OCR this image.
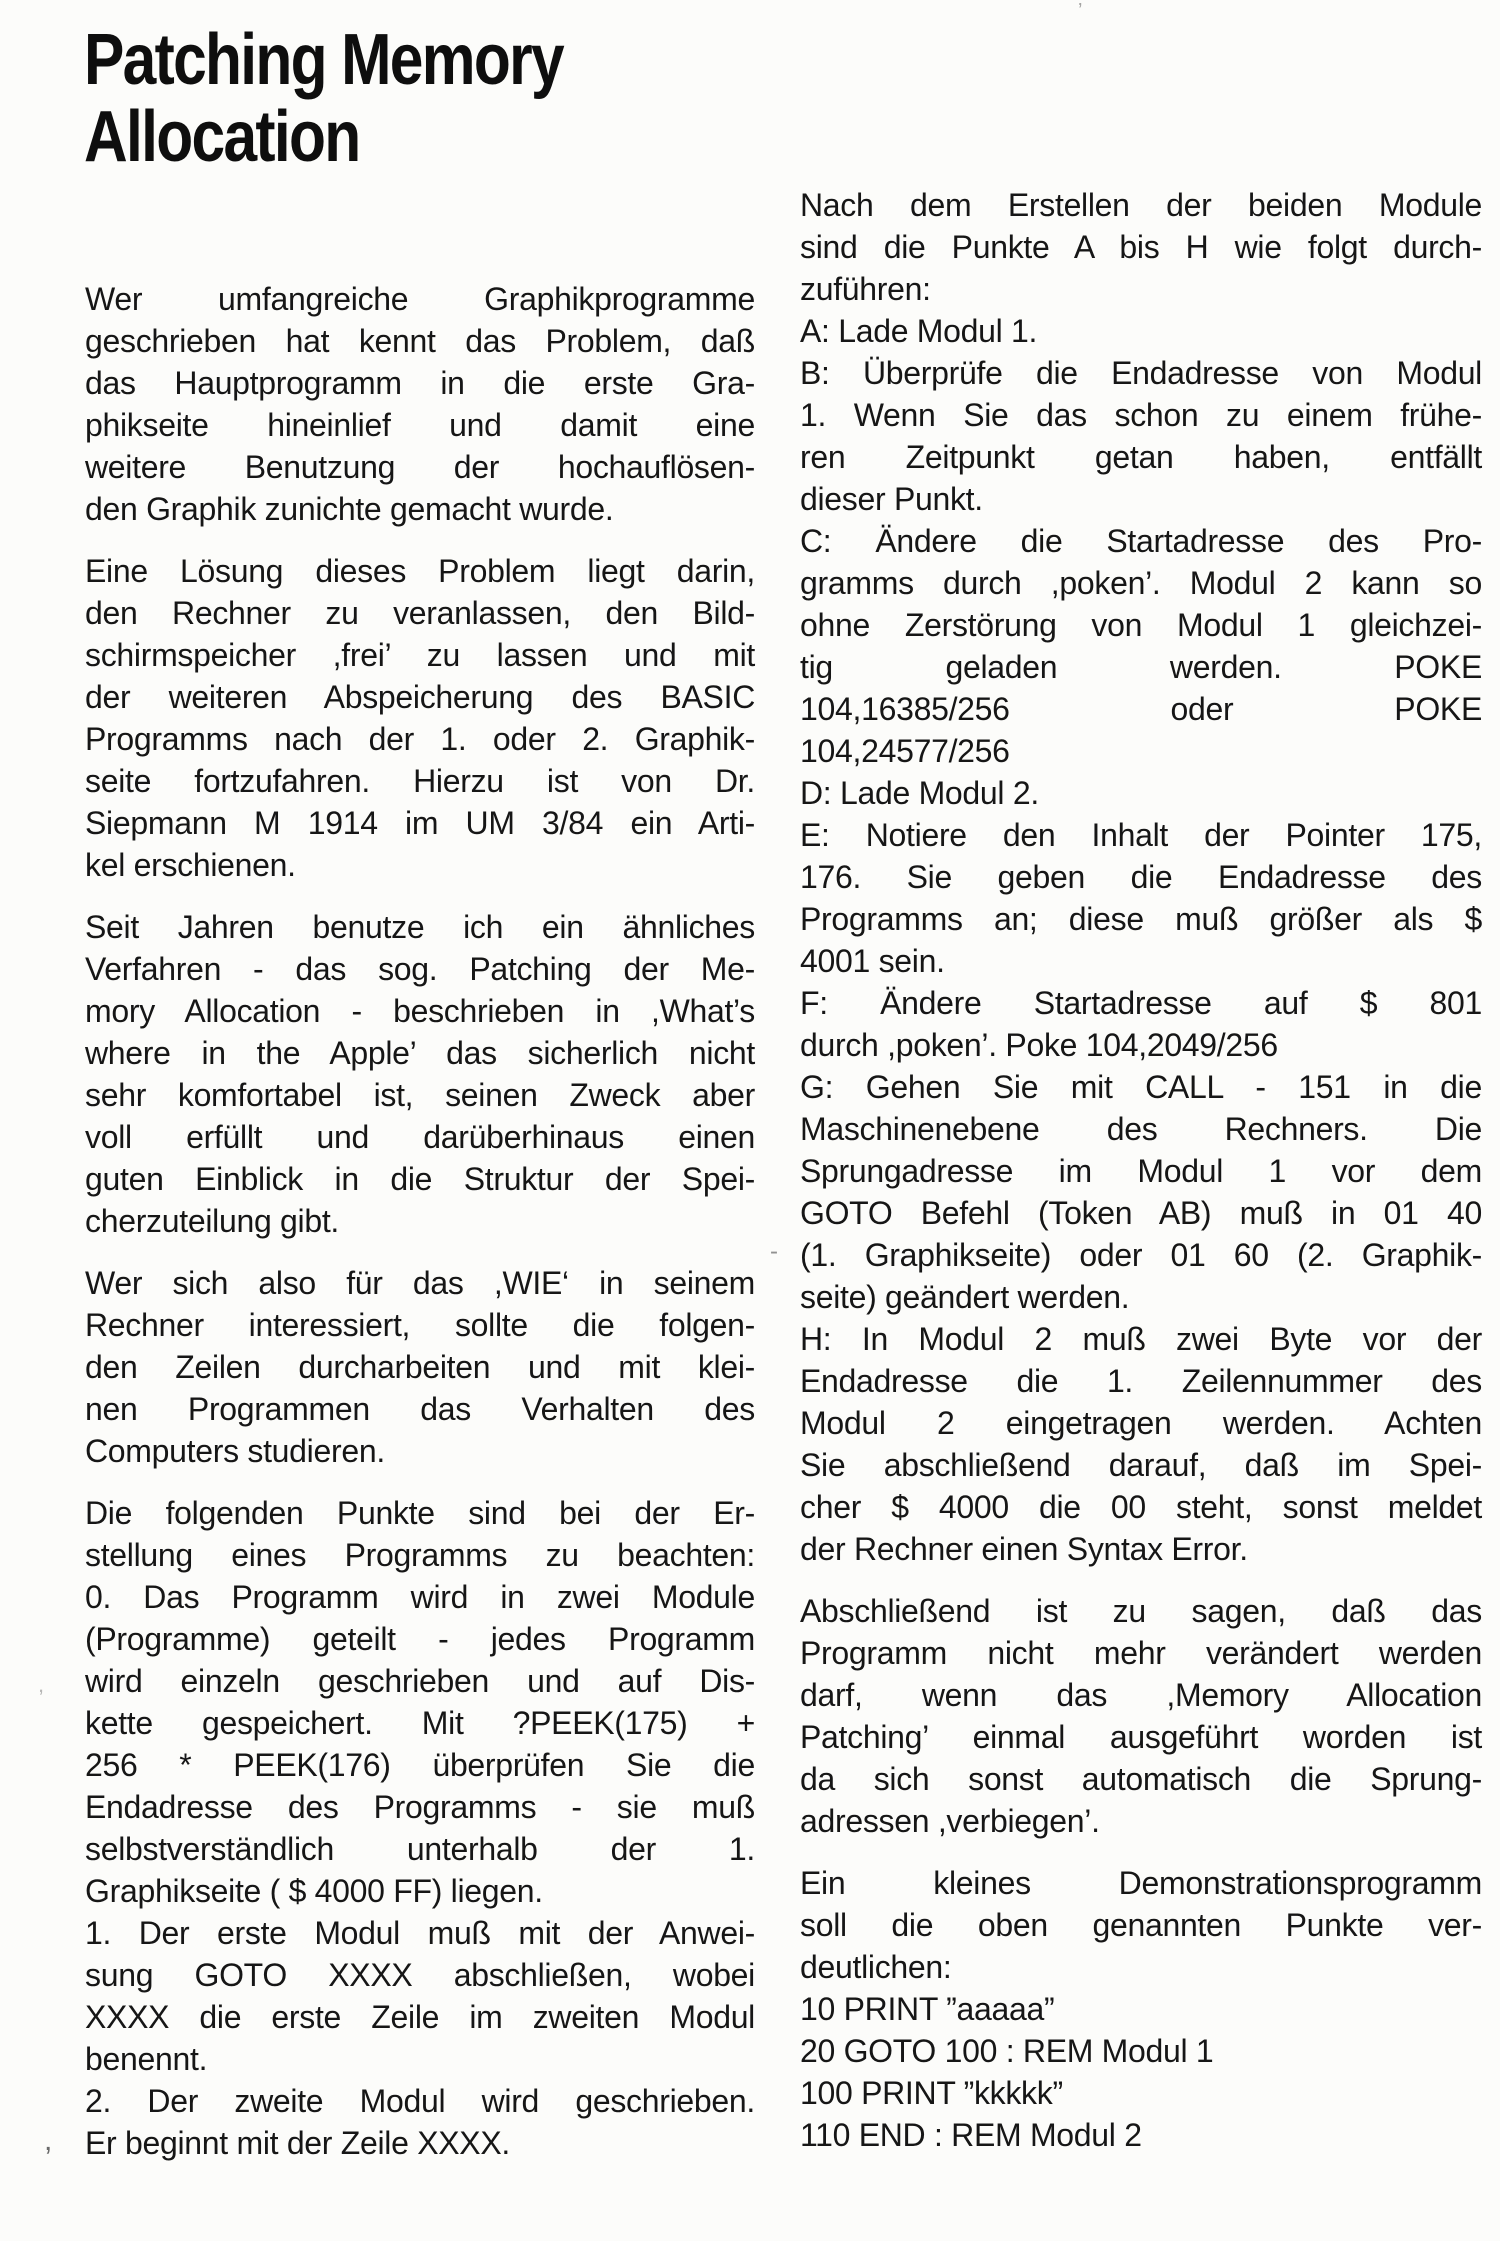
Patching Memory
Allocation
Wer umfangreiche Graphikprogramme
geschrieben hat kennt das Problem, daß
das Hauptprogramm in die erste Gra-
phikseite hineinlief und damit eine
weitere Benutzung der hochauflösen-
den Graphik zunichte gemacht wurde.
Eine Lösung dieses Problem liegt darin,
den Rechner zu veranlassen, den Bild-
schirmspeicher ,frei’ zu lassen und mit
der weiteren Abspeicherung des BASIC
Programms nach der 1. oder 2. Graphik-
seite fortzufahren. Hierzu ist von Dr.
Siepmann M 1914 im UM 3/84 ein Arti-
kel erschienen.
Seit Jahren benutze ich ein ähnliches
Verfahren - das sog. Patching der Me-
mory Allocation - beschrieben in ,What’s
where in the Apple’ das sicherlich nicht
sehr komfortabel ist, seinen Zweck aber
voll erfüllt und darüberhinaus einen
guten Einblick in die Struktur der Spei-
cherzuteilung gibt.
Wer sich also für das ,WIE‘ in seinem
Rechner interessiert, sollte die folgen-
den Zeilen durcharbeiten und mit klei-
nen Programmen das Verhalten des
Computers studieren.
Die folgenden Punkte sind bei der Er-
stellung eines Programms zu beachten:
0. Das Programm wird in zwei Module
(Programme) geteilt - jedes Programm
wird einzeln geschrieben und auf Dis-
kette gespeichert. Mit ?PEEK(175) +
256 * PEEK(176) überprüfen Sie die
Endadresse des Programms - sie muß
selbstverständlich unterhalb der 1.
Graphikseite ( $ 4000 FF) liegen.
1. Der erste Modul muß mit der Anwei-
sung GOTO XXXX abschließen, wobei
XXXX die erste Zeile im zweiten Modul
benennt.
2. Der zweite Modul wird geschrieben.
Er beginnt mit der Zeile XXXX.
Nach dem Erstellen der beiden Module
sind die Punkte A bis H wie folgt durch-
zuführen:
A: Lade Modul 1.
B: Überprüfe die Endadresse von Modul
1. Wenn Sie das schon zu einem frühe-
ren Zeitpunkt getan haben, entfällt
dieser Punkt.
C: Ändere die Startadresse des Pro-
gramms durch ,poken’. Modul 2 kann so
ohne Zerstörung von Modul 1 gleichzei-
tig geladen werden. POKE
104,16385/256 oder POKE
104,24577/256
D: Lade Modul 2.
E: Notiere den Inhalt der Pointer 175,
176. Sie geben die Endadresse des
Programms an; diese muß größer als $
4001 sein.
F: Ändere Startadresse auf $ 801
durch ,poken’. Poke 104,2049/256
G: Gehen Sie mit CALL - 151 in die
Maschinenebene des Rechners. Die
Sprungadresse im Modul 1 vor dem
GOTO Befehl (Token AB) muß in 01 40
(1. Graphikseite) oder 01 60 (2. Graphik-
seite) geändert werden.
H: In Modul 2 muß zwei Byte vor der
Endadresse die 1. Zeilennummer des
Modul 2 eingetragen werden. Achten
Sie abschließend darauf, daß im Spei-
cher $ 4000 die 00 steht, sonst meldet
der Rechner einen Syntax Error.
Abschließend ist zu sagen, daß das
Programm nicht mehr verändert werden
darf, wenn das ,Memory Allocation
Patching’ einmal ausgeführt worden ist
da sich sonst automatisch die Sprung-
adressen ,verbiegen’.
Ein kleines Demonstrationsprogramm
soll die oben genannten Punkte ver-
deutlichen:
10 PRINT ”aaaaa”
20 GOTO 100 : REM Modul 1
100 PRINT ”kkkkk”
110 END : REM Modul 2
’
,
-
,
